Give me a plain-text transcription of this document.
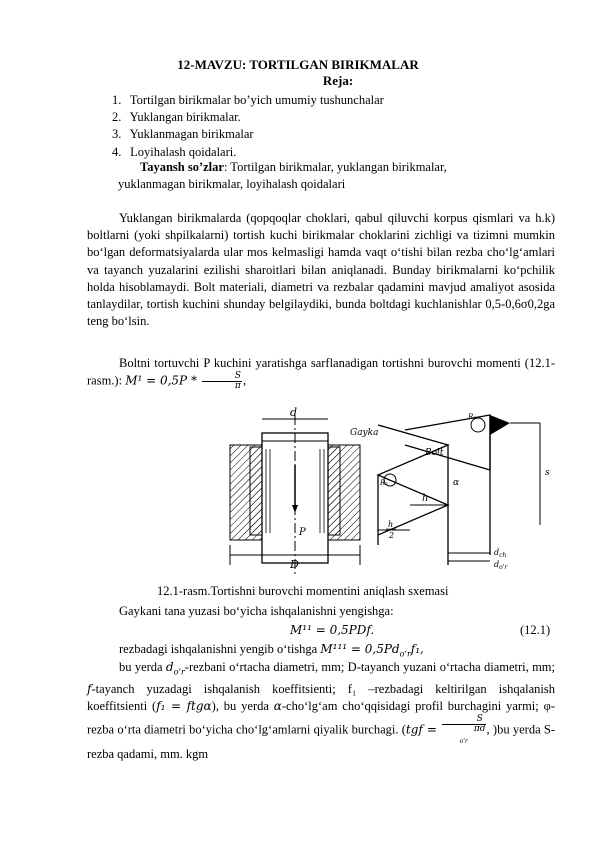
12-MAVZU: TORTILGAN BIRIKMALAR
Reja:
1. Tortilgan birikmalar bo’yich umumiy tushunchalar
2. Yuklangan birikmalar.
3. Yuklanmagan birikmalar
4. Loyihalash qoidalari.
Tayansh so’zlar: Tortilgan birikmalar, yuklangan birikmalar,
yuklanmagan birikmalar, loyihalash qoidalari

Yuklangan birikmalarda (qopqoqlar choklari, qabul qiluvchi korpus qismlari va h.k) boltlarni (yoki shpilkalarni) tortish kuchi birikmalar choklarini zichligi va tizimni mumkin bo‘lgan deformatsiyalarda ular mos kelmasligi hamda vaqt o‘tishi bilan rezba cho‘lg‘amlari va tayanch yuzalarini ezilishi sharoitlari bilan aniqlanadi. Bunday birikmalarni ko‘pchilik holda hisoblamaydi. Bolt materiali, diametri va rezbalar qadamini mavjud amaliyot asosida tanlaydilar, tortish kuchini shunday belgilaydiki, bunda boltdagi kuchlanishlar 0,5-0,6σ0,2ga teng bo‘lsin.

Boltni tortuvchi P kuchini yaratishga sarflanadigan tortishni burovchi momenti (12.1-rasm.): $M^1 = 0,5P * \frac{S}{\pi}$ ,

d
P
D
Gayka
Bolt
R₁
R₂
s
α
h
h
2
$d_{ch}$
$d_{o'r}$
12.1-rasm.Tortishni burovchi momentini aniqlash sxemasi
Gaykani tana yuzasi bo‘yicha ishqalanishni yengishga:
M¹¹ = 0,5PDf.	(12.1)
rezbadagi ishqalanishni yengib o‘tishga $M^{111} = 0,5Pd_{o‘r}f_1$,

bu yerda $d_{o‘r}$-rezbani o‘rtacha diametri, mm; D-tayanch yuzani o‘rtacha diametri, mm; f-tayanch yuzadagi ishqalanish koeffitsienti; f₁ –rezbadagi keltirilgan ishqalanish koeffitsienti (f₁ = ftgα), bu yerda α-cho‘lg‘am cho‘qqisidagi profil burchagini yarmi; φ-rezba o‘rta diametri bo‘yicha cho‘lg‘amlarni qiyalik burchagi. (tgf = S
πd
$_{o'r}$ , )bu yerda S-rezba qadami, mm. kgm
